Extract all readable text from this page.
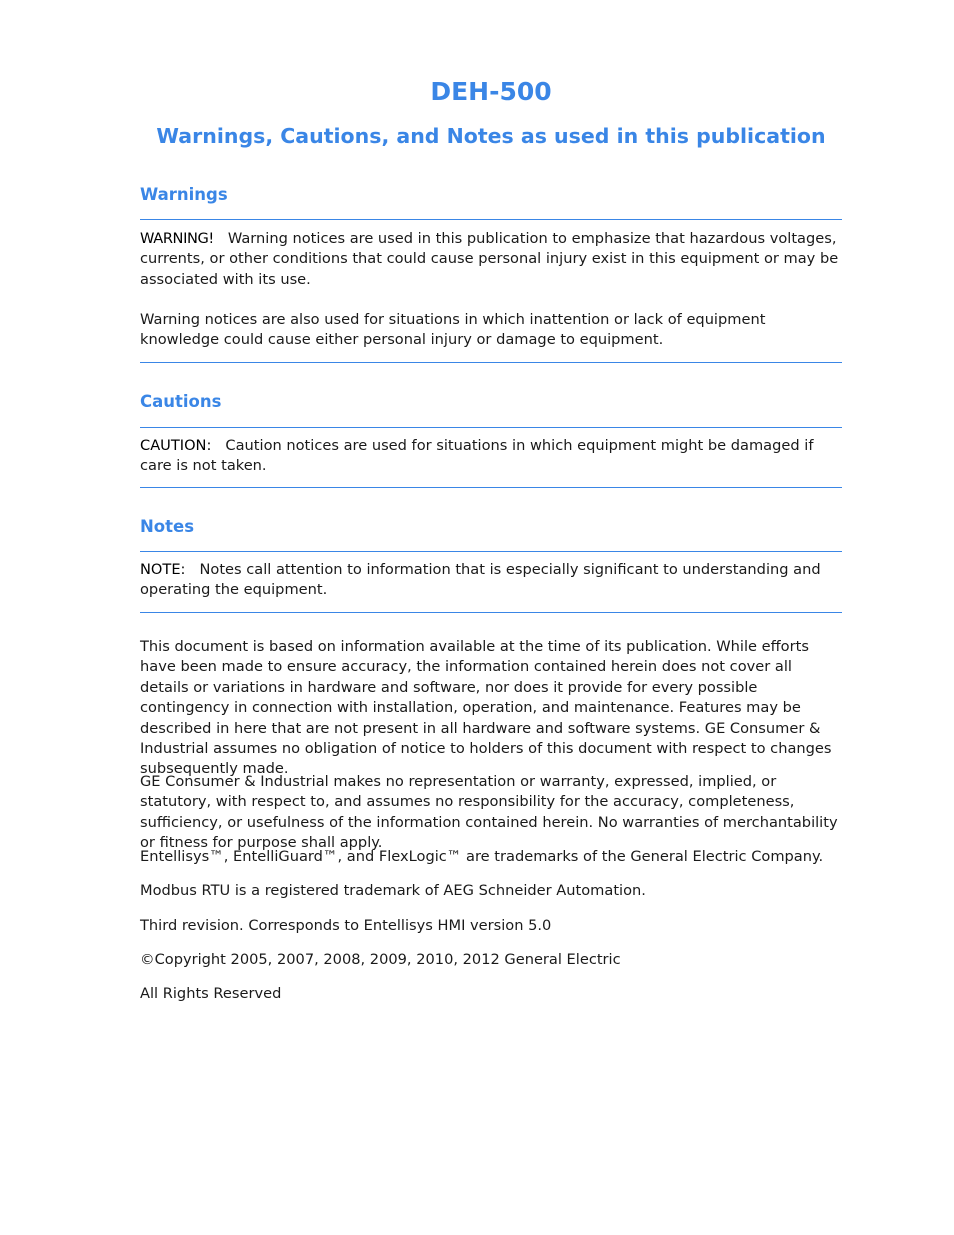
DEH-500
Warnings, Cautions, and Notes as used in this publication
Warnings

WARNING! Warning notices are used in this publication to emphasize that hazardous voltages, currents, or other conditions that could cause personal injury exist in this equipment or may be associated with its use.

Warning notices are also used for situations in which inattention or lack of equipment knowledge could cause either personal injury or damage to equipment.

Cautions

CAUTION: Caution notices are used for situations in which equipment might be damaged if care is not taken.

Notes

NOTE: Notes call attention to information that is especially significant to understanding and operating the equipment.

This document is based on information available at the time of its publication. While efforts have been made to ensure accuracy, the information contained herein does not cover all details or variations in hardware and software, nor does it provide for every possible contingency in connection with installation, operation, and maintenance. Features may be described in here that are not present in all hardware and software systems. GE Consumer & Industrial assumes no obligation of notice to holders of this document with respect to changes subsequently made.

GE Consumer & Industrial makes no representation or warranty, expressed, implied, or statutory, with respect to, and assumes no responsibility for the accuracy, completeness, sufficiency, or usefulness of the information contained herein. No warranties of merchantability or fitness for purpose shall apply.

Entellisys™, EntelliGuard™, and FlexLogic™ are trademarks of the General Electric Company.

Modbus RTU is a registered trademark of AEG Schneider Automation.

Third revision. Corresponds to Entellisys HMI version 5.0

©Copyright 2005, 2007, 2008, 2009, 2010, 2012 General Electric

All Rights Reserved
